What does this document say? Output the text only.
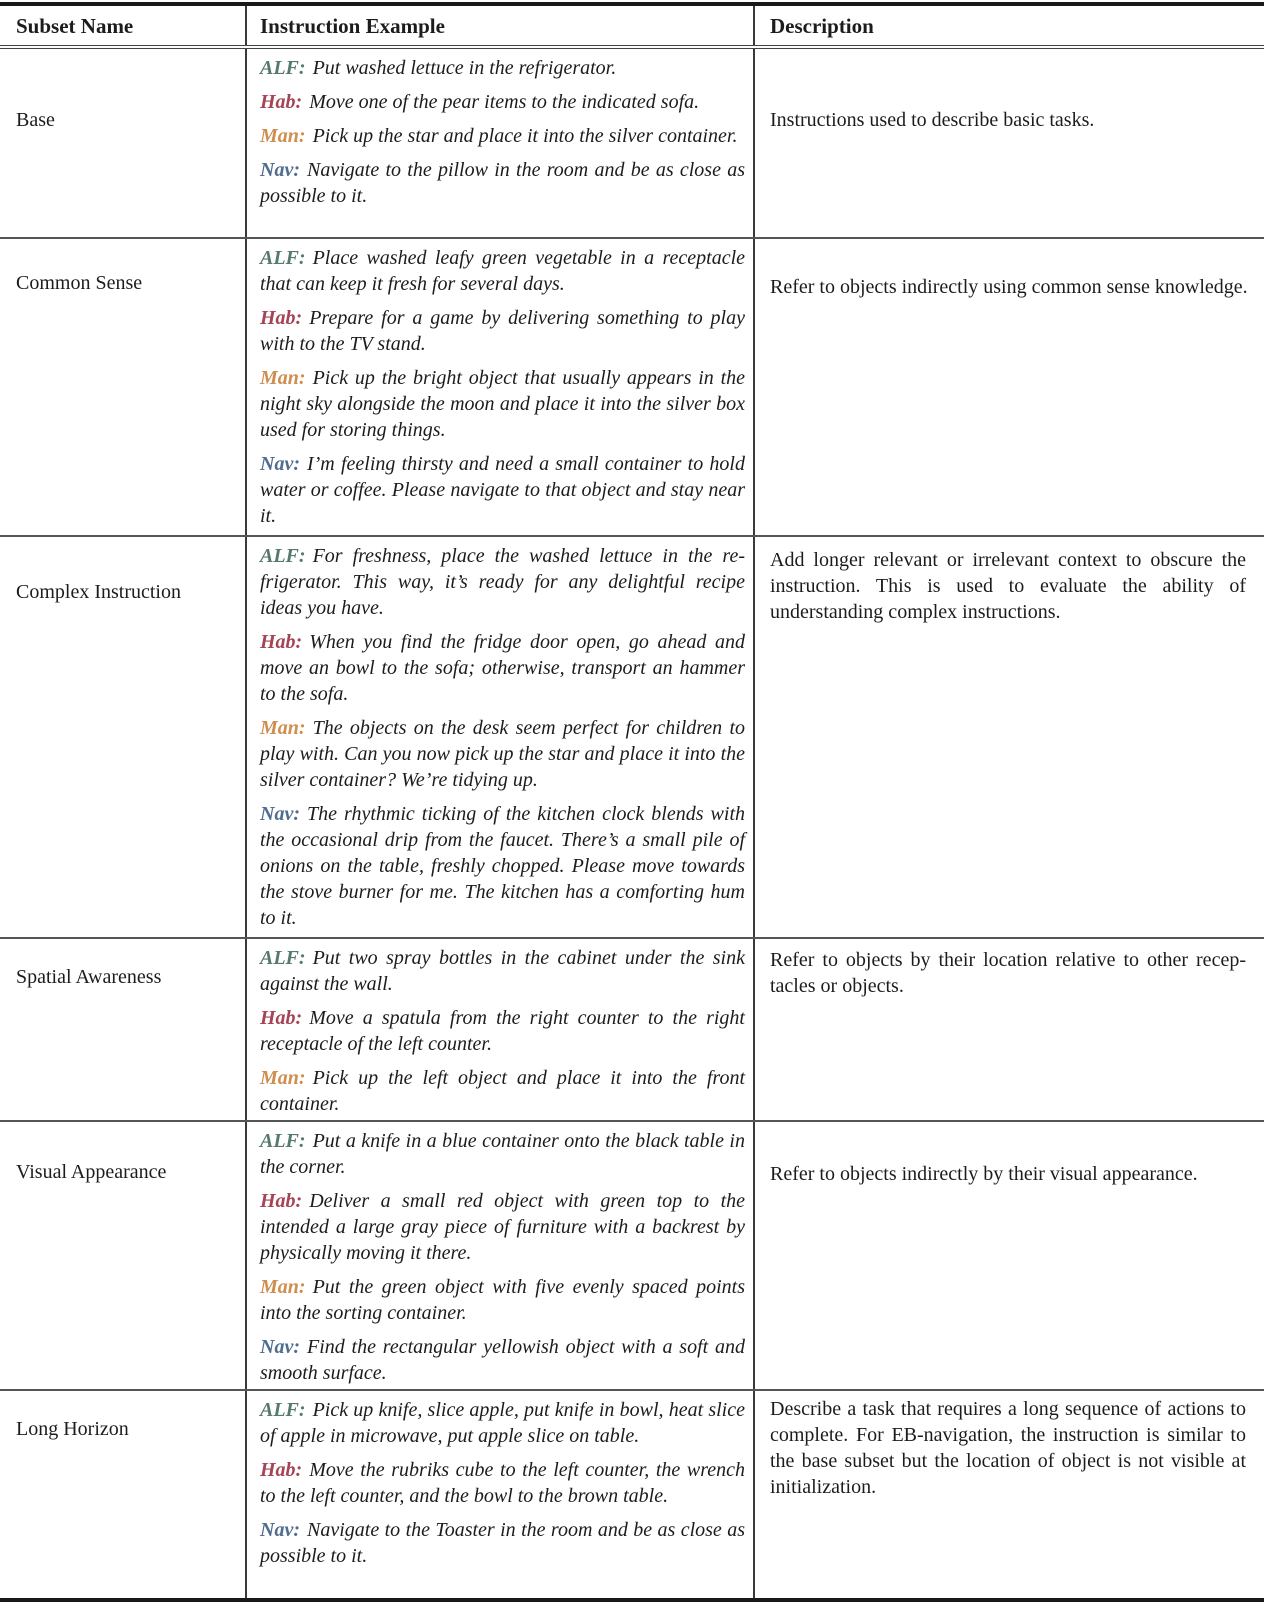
Subset Name	Instruction Example	Description
Base

ALF: Put washed lettuce in the refrigerator.

Hab: Move one of the pear items to the indicated sofa.

Man: Pick up the star and place it into the silver container.

Nav: Navigate to the pillow in the room and be as close as possible to it.

Instructions used to describe basic tasks.

Common Sense

ALF: Place washed leafy green vegetable in a receptacle that can keep it fresh for several days.

Hab: Prepare for a game by delivering something to play with to the TV stand.

Man: Pick up the bright object that usually appears in the night sky alongside the moon and place it into the silver box used for storing things.

Nav: I’m feeling thirsty and need a small container to hold water or coffee. Please navigate to that object and stay near it.

Refer to objects indirectly using common sense knowledge.

Complex Instruction

ALF: For freshness, place the washed lettuce in the refrigerator. This way, it’s ready for any delightful recipe ideas you have.

Hab: When you find the fridge door open, go ahead and move an bowl to the sofa; otherwise, transport an hammer to the sofa.

Man: The objects on the desk seem perfect for children to play with. Can you now pick up the star and place it into the silver container? We’re tidying up.

Nav: The rhythmic ticking of the kitchen clock blends with the occasional drip from the faucet. There’s a small pile of onions on the table, freshly chopped. Please move towards the stove burner for me. The kitchen has a comforting hum to it.

Add longer relevant or irrelevant context to obscure the instruction. This is used to evaluate the ability of understanding complex instructions.

Spatial Awareness

ALF: Put two spray bottles in the cabinet under the sink against the wall.

Hab: Move a spatula from the right counter to the right receptacle of the left counter.

Man: Pick up the left object and place it into the front container.

Refer to objects by their location relative to other receptacles or objects.

Visual Appearance

ALF: Put a knife in a blue container onto the black table in the corner.

Hab: Deliver a small red object with green top to the intended a large gray piece of furniture with a backrest by physically moving it there.

Man: Put the green object with five evenly spaced points into the sorting container.

Nav: Find the rectangular yellowish object with a soft and smooth surface.

Refer to objects indirectly by their visual appearance.

Long Horizon

ALF: Pick up knife, slice apple, put knife in bowl, heat slice of apple in microwave, put apple slice on table.

Hab: Move the rubriks cube to the left counter, the wrench to the left counter, and the bowl to the brown table.

Nav: Navigate to the Toaster in the room and be as close as possible to it.

Describe a task that requires a long sequence of actions to complete. For EB-navigation, the instruction is similar to the base subset but the location of object is not visible at initialization.
